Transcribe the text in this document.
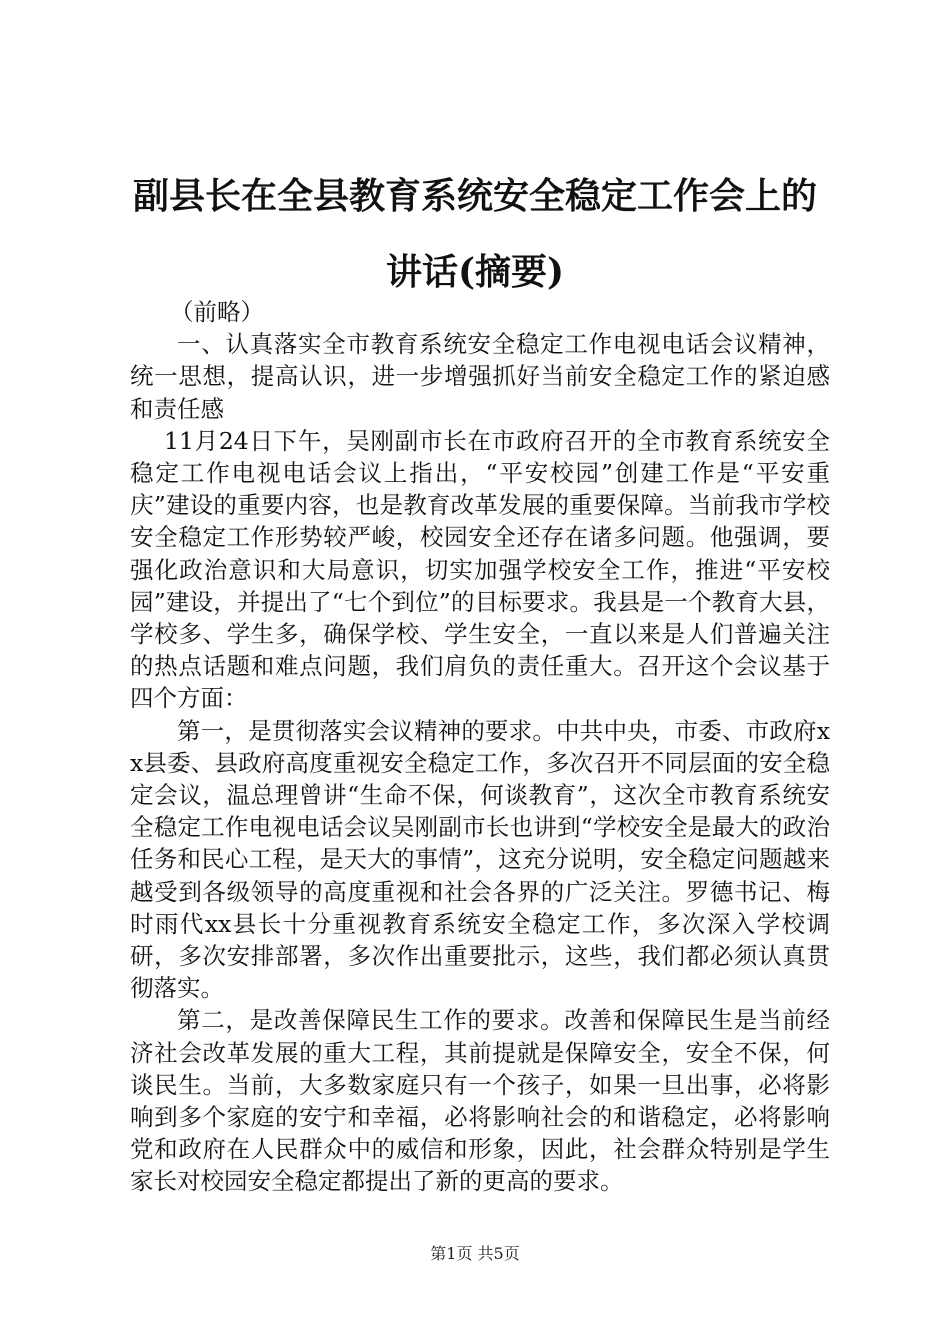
副县长在全县教育系统安全稳定工作会上的讲话(摘要)

（前略）

一、认真落实全市教育系统安全稳定工作电视电话会议精神，统一思想，提高认识，进一步增强抓好当前安全稳定工作的紧迫感和责任感

11月24日下午，吴刚副市长在市政府召开的全市教育系统安全稳定工作电视电话会议上指出，“平安校园”创建工作是“平安重庆”建设的重要内容，也是教育改革发展的重要保障。当前我市学校安全稳定工作形势较严峻，校园安全还存在诸多问题。他强调，要强化政治意识和大局意识，切实加强学校安全工作，推进“平安校园”建设，并提出了“七个到位”的目标要求。我县是一个教育大县，学校多、学生多，确保学校、学生安全，一直以来是人们普遍关注的热点话题和难点问题，我们肩负的责任重大。召开这个会议基于四个方面：

第一，是贯彻落实会议精神的要求。中共中央，市委、市政府xx县委、县政府高度重视安全稳定工作，多次召开不同层面的安全稳定会议，温总理曾讲“生命不保，何谈教育”，这次全市教育系统安全稳定工作电视电话会议吴刚副市长也讲到“学校安全是最大的政治任务和民心工程，是天大的事情”，这充分说明，安全稳定问题越来越受到各级领导的高度重视和社会各界的广泛关注。罗德书记、梅时雨代xx县长十分重视教育系统安全稳定工作，多次深入学校调研，多次安排部署，多次作出重要批示，这些，我们都必须认真贯彻落实。

第二，是改善保障民生工作的要求。改善和保障民生是当前经济社会改革发展的重大工程，其前提就是保障安全，安全不保，何谈民生。当前，大多数家庭只有一个孩子，如果一旦出事，必将影响到多个家庭的安宁和幸福，必将影响社会的和谐稳定，必将影响党和政府在人民群众中的威信和形象，因此，社会群众特别是学生家长对校园安全稳定都提出了新的更高的要求。

第1页 共5页
